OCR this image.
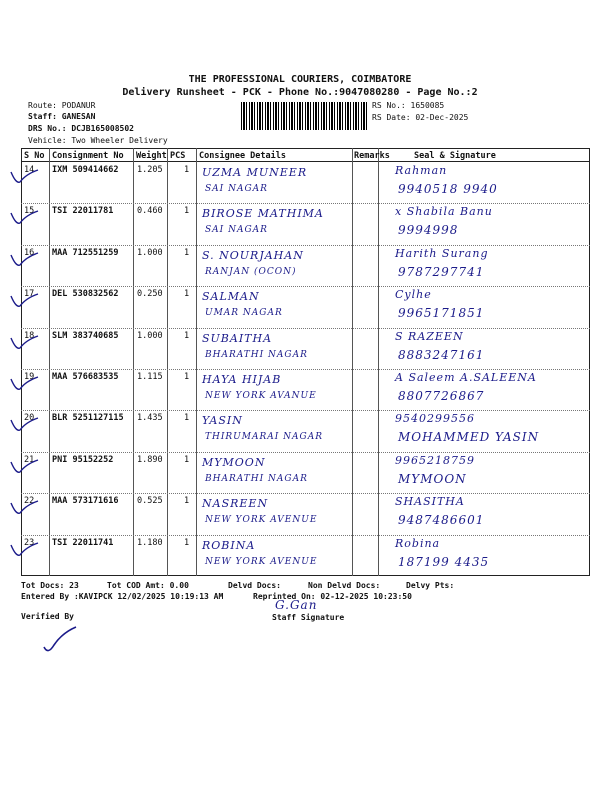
THE PROFESSIONAL COURIERS, COIMBATORE
Delivery Runsheet - PCK - Phone No.:9047080280 - Page No.:2
Route: PODANUR
Staff: GANESAN
DRS No.: DCJB165008502
Vehicle: Two Wheeler Delivery
RS No.: 1650085
RS Date: 02-Dec-2025
S No Consignment No Weight PCS Consignee Details	Remarks	Seal & Signature
14 IXM 509414662 1.205	1 UZMA MUNEER
SAI NAGAR
Rahman
9940518 9940
15 TSI 22011781	0.460	1 BIROSE MATHIMA
SAI NAGAR
x Shabila Banu
9994998
16 MAA 712551259 1.000	1 S. NOURJAHAN
RANJAN (OCON)
Harith Surang
9787297741
17 DEL 530832562 0.250	1 SALMAN
UMAR NAGAR
Cylhe
9965171851
18 SLM 383740685 1.000	1 SUBAITHA
BHARATHI NAGAR
S RAZEEN
8883247161
19 MAA 576683535 1.115	1 HAYA HIJAB
NEW YORK AVANUE
A Saleem A.SALEENA
8807726867
20 BLR 5251127115 1.435	1 YASIN
THIRUMARAI NAGAR
9540299556
MOHAMMED YASIN
21 PNI 95152252	1.890	1 MYMOON
BHARATHI NAGAR
9965218759
MYMOON
22 MAA 573171616 0.525	1 NASREEN
NEW YORK AVENUE
SHASITHA
9487486601
23 TSI 22011741	1.180	1 ROBINA
NEW YORK AVENUE
Robina
187199 4435
Tot Docs: 23	Tot COD Amt: 0.00	Delvd Docs:	Non Delvd Docs:	Delvy Pts:
Entered By :KAVIPCK 12/02/2025 10:19:13 AM	Reprinted On: 02-12-2025 10:23:50
Verified By	Staff Signature
G.Gan
